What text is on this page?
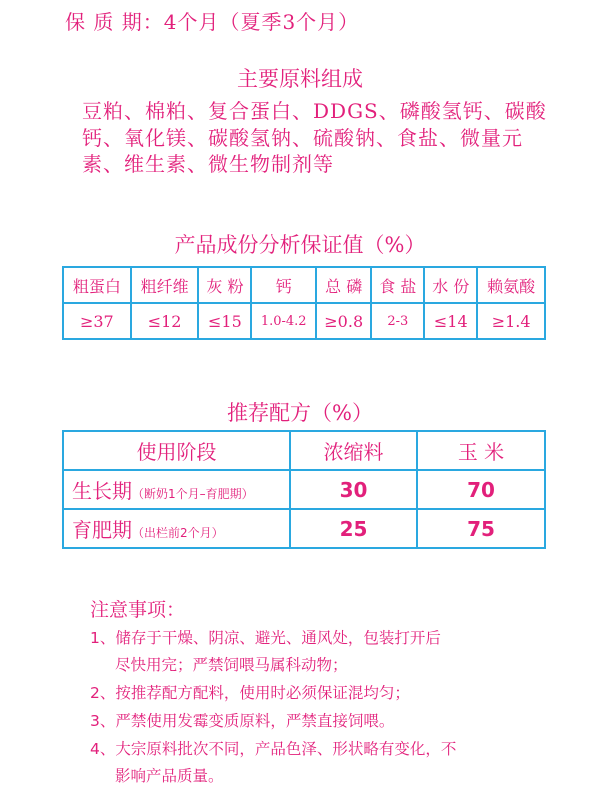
保 质 期：4个月（夏季3个月）
主要原料组成
豆粕、棉粕、复合蛋白、DDGS、磷酸氢钙、碳酸钙、氧化镁、碳酸氢钠、硫酸钠、食盐、微量元素、维生素、微生物制剂等
产品成份分析保证值（%）
粗蛋白	粗纤维	灰 粉	钙	总 磷	食 盐	水 份	赖氨酸
≥37	≤12	≤15	1.0-4.2	≥0.8	2-3	≤14	≥1.4
推荐配方（%）
使用阶段	浓缩料	玉 米
生长期（断奶1个月–育肥期）	30	70
育肥期（出栏前2个月）	25	75
注意事项：
1、储存于干燥、阴凉、避光、通风处，包装打开后
尽快用完；严禁饲喂马属科动物；
2、按推荐配方配料，使用时必须保证混均匀；
3、严禁使用发霉变质原料，严禁直接饲喂。
4、大宗原料批次不同，产品色泽、形状略有变化，不
影响产品质量。
